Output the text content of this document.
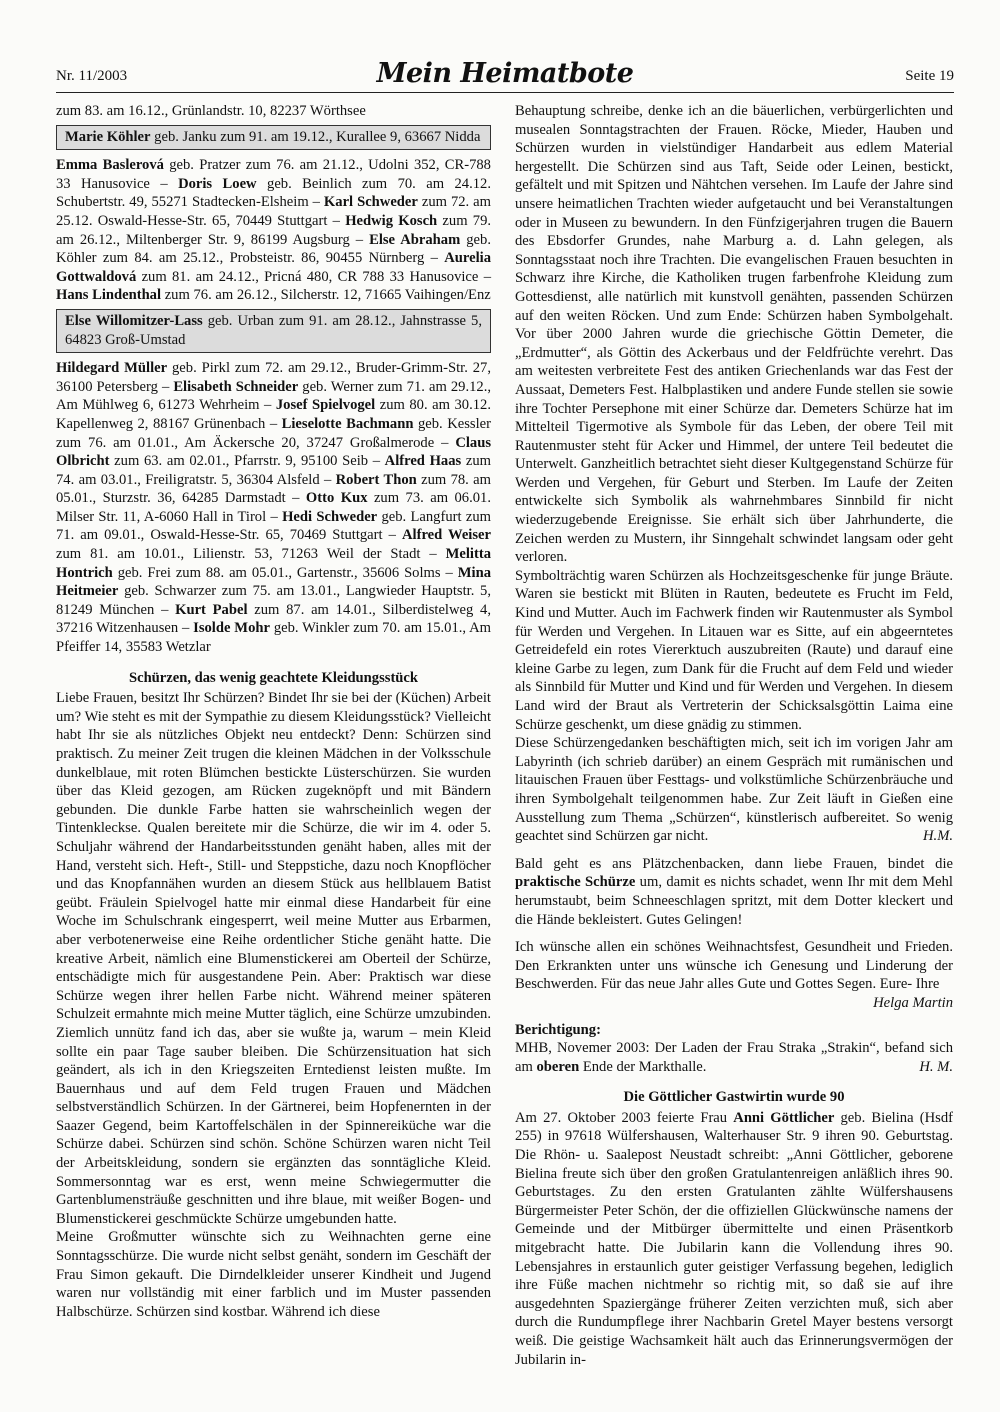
Nr. 11/2003	Mein Heimatbote	Seite 19

zum 83. am 16.12., Grünlandstr. 10, 82237 Wörthsee

Marie Köhler geb. Janku zum 91. am 19.12., Kurallee 9, 63667 Nidda

Emma Baslerová geb. Pratzer zum 76. am 21.12., Udolni 352, CR-788 33 Hanusovice – Doris Loew geb. Beinlich zum 70. am 24.12. Schubertstr. 49, 55271 Stadtecken-Elsheim – Karl Schweder zum 72. am 25.12. Oswald-Hesse-Str. 65, 70449 Stuttgart – Hedwig Kosch zum 79. am 26.12., Miltenberger Str. 9, 86199 Augsburg – Else Abraham geb. Köhler zum 84. am 25.12., Probsteistr. 86, 90455 Nürnberg – Aurelia Gottwaldová zum 81. am 24.12., Pricná 480, CR 788 33 Hanusovice – Hans Lindenthal zum 76. am 26.12., Silcherstr. 12, 71665 Vaihingen/Enz

Else Willomitzer-Lass geb. Urban zum 91. am 28.12., Jahnstrasse 5, 64823 Groß-Umstad

Hildegard Müller geb. Pirkl zum 72. am 29.12., Bruder-Grimm-Str. 27, 36100 Petersberg – Elisabeth Schneider geb. Werner zum 71. am 29.12., Am Mühlweg 6, 61273 Wehrheim – Josef Spielvogel zum 80. am 30.12. Kapellenweg 2, 88167 Grünenbach – Lieselotte Bachmann geb. Kessler zum 76. am 01.01., Am Äckersche 20, 37247 Großalmerode – Claus Olbricht zum 63. am 02.01., Pfarrstr. 9, 95100 Seib – Alfred Haas zum 74. am 03.01., Freiligratstr. 5, 36304 Alsfeld – Robert Thon zum 78. am 05.01., Sturzstr. 36, 64285 Darmstadt – Otto Kux zum 73. am 06.01. Milser Str. 11, A-6060 Hall in Tirol – Hedi Schweder geb. Langfurt zum 71. am 09.01., Oswald-Hesse-Str. 65, 70469 Stuttgart – Alfred Weiser zum 81. am 10.01., Lilienstr. 53, 71263 Weil der Stadt – Melitta Hontrich geb. Frei zum 88. am 05.01., Gartenstr., 35606 Solms – Mina Heitmeier geb. Schwarzer zum 75. am 13.01., Langwieder Hauptstr. 5, 81249 München – Kurt Pabel zum 87. am 14.01., Silberdistelweg 4, 37216 Witzenhausen – Isolde Mohr geb. Winkler zum 70. am 15.01., Am Pfeiffer 14, 35583 Wetzlar

Schürzen, das wenig geachtete Kleidungsstück

Liebe Frauen, besitzt Ihr Schürzen? Bindet Ihr sie bei der (Küchen) Arbeit um? Wie steht es mit der Sympathie zu diesem Kleidungsstück? Vielleicht habt Ihr sie als nützliches Objekt neu entdeckt? Denn: Schürzen sind praktisch. Zu meiner Zeit trugen die kleinen Mädchen in der Volksschule dunkelblaue, mit roten Blümchen bestickte Lüsterschürzen. Sie wurden über das Kleid gezogen, am Rücken zugeknöpft und mit Bändern gebunden. Die dunkle Farbe hatten sie wahrscheinlich wegen der Tintenkleckse. Qualen bereitete mir die Schürze, die wir im 4. oder 5. Schuljahr während der Handarbeitsstunden genäht haben, alles mit der Hand, versteht sich. Heft-, Still- und Steppstiche, dazu noch Knopflöcher und das Knopfannähen wurden an diesem Stück aus hellblauem Batist geübt. Fräulein Spielvogel hatte mir einmal diese Handarbeit für eine Woche im Schulschrank eingesperrt, weil meine Mutter aus Erbarmen, aber verbotenerweise eine Reihe ordentlicher Stiche genäht hatte. Die kreative Arbeit, nämlich eine Blumenstickerei am Oberteil der Schürze, entschädigte mich für ausgestandene Pein. Aber: Praktisch war diese Schürze wegen ihrer hellen Farbe nicht. Während meiner späteren Schulzeit ermahnte mich meine Mutter täglich, eine Schürze umzubinden. Ziemlich unnütz fand ich das, aber sie wußte ja, warum – mein Kleid sollte ein paar Tage sauber bleiben. Die Schürzensituation hat sich geändert, als ich in den Kriegszeiten Erntedienst leisten mußte. Im Bauernhaus und auf dem Feld trugen Frauen und Mädchen selbstverständlich Schürzen. In der Gärtnerei, beim Hopfenernten in der Saazer Gegend, beim Kartoffelschälen in der Spinnereiküche war die Schürze dabei. Schürzen sind schön. Schöne Schürzen waren nicht Teil der Arbeitskleidung, sondern sie ergänzten das sonntägliche Kleid. Sommersonntag war es erst, wenn meine Schwiegermutter die Gartenblumensträuße geschnitten und ihre blaue, mit weißer Bogen- und Blumenstickerei geschmückte Schürze umgebunden hatte.

Meine Großmutter wünschte sich zu Weihnachten gerne eine Sonntagsschürze. Die wurde nicht selbst genäht, sondern im Geschäft der Frau Simon gekauft. Die Dirndelkleider unserer Kindheit und Jugend waren nur vollständig mit einer farblich und im Muster passenden Halbschürze. Schürzen sind kostbar. Während ich diese

Behauptung schreibe, denke ich an die bäuerlichen, verbürgerlichten und musealen Sonntagstrachten der Frauen. Röcke, Mieder, Hauben und Schürzen wurden in vielstündiger Handarbeit aus edlem Material hergestellt. Die Schürzen sind aus Taft, Seide oder Leinen, bestickt, gefältelt und mit Spitzen und Nähtchen versehen. Im Laufe der Jahre sind unsere heimatlichen Trachten wieder aufgetaucht und bei Veranstaltungen oder in Museen zu bewundern. In den Fünfzigerjahren trugen die Bauern des Ebsdorfer Grundes, nahe Marburg a. d. Lahn gelegen, als Sonntagsstaat noch ihre Trachten. Die evangelischen Frauen besuchten in Schwarz ihre Kirche, die Katholiken trugen farbenfrohe Kleidung zum Gottesdienst, alle natürlich mit kunstvoll genähten, passenden Schürzen auf den weiten Röcken. Und zum Ende: Schürzen haben Symbolgehalt. Vor über 2000 Jahren wurde die griechische Göttin Demeter, die „Erdmutter“, als Göttin des Ackerbaus und der Feldfrüchte verehrt. Das am weitesten verbreitete Fest des antiken Griechenlands war das Fest der Aussaat, Demeters Fest. Halbplastiken und andere Funde stellen sie sowie ihre Tochter Persephone mit einer Schürze dar. Demeters Schürze hat im Mittelteil Tigermotive als Symbole für das Leben, der obere Teil mit Rautenmuster steht für Acker und Himmel, der untere Teil bedeutet die Unterwelt. Ganzheitlich betrachtet sieht dieser Kultgegenstand Schürze für Werden und Vergehen, für Geburt und Sterben. Im Laufe der Zeiten entwickelte sich Symbolik als wahrnehmbares Sinnbild fir nicht wiederzugebende Ereignisse. Sie erhält sich über Jahrhunderte, die Zeichen werden zu Mustern, ihr Sinngehalt schwindet langsam oder geht verloren.

Symbolträchtig waren Schürzen als Hochzeitsgeschenke für junge Bräute. Waren sie bestickt mit Blüten in Rauten, bedeutete es Frucht im Feld, Kind und Mutter. Auch im Fachwerk finden wir Rautenmuster als Symbol für Werden und Vergehen. In Litauen war es Sitte, auf ein abgeerntetes Getreidefeld ein rotes Viererktuch auszubreiten (Raute) und darauf eine kleine Garbe zu legen, zum Dank für die Frucht auf dem Feld und wieder als Sinnbild für Mutter und Kind und für Werden und Vergehen. In diesem Land wird der Braut als Vertreterin der Schicksalsgöttin Laima eine Schürze geschenkt, um diese gnädig zu stimmen.

Diese Schürzengedanken beschäftigten mich, seit ich im vorigen Jahr am Labyrinth (ich schrieb darüber) an einem Gespräch mit rumänischen und litauischen Frauen über Festtags- und volkstümliche Schürzenbräuche und ihren Symbolgehalt teilgenommen habe. Zur Zeit läuft in Gießen eine Ausstellung zum Thema „Schürzen“, künstlerisch aufbereitet. So wenig geachtet sind Schürzen gar nicht.	H.M.

Bald geht es ans Plätzchenbacken, dann liebe Frauen, bindet die praktische Schürze um, damit es nichts schadet, wenn Ihr mit dem Mehl herumstaubt, beim Schneeschlagen spritzt, mit dem Dotter kleckert und die Hände bekleistert. Gutes Gelingen!

Ich wünsche allen ein schönes Weihnachtsfest, Gesundheit und Frieden. Den Erkrankten unter uns wünsche ich Genesung und Linderung der Beschwerden. Für das neue Jahr alles Gute und Gottes Segen. Eure- Ihre
Helga Martin

Berichtigung:

MHB, Novemer 2003: Der Laden der Frau Straka „Strakin“, befand sich am oberen Ende der Markthalle.	H. M.

Die Göttlicher Gastwirtin wurde 90

Am 27. Oktober 2003 feierte Frau Anni Göttlicher geb. Bielina (Hsdf 255) in 97618 Wülfershausen, Walterhauser Str. 9 ihren 90. Geburtstag. Die Rhön- u. Saalepost Neustadt schreibt: „Anni Göttlicher, geborene Bielina freute sich über den großen Gratulantenreigen anläßlich ihres 90. Geburtstages. Zu den ersten Gratulanten zählte Wülfershausens Bürgermeister Peter Schön, der die offiziellen Glückwünsche namens der Gemeinde und der Mitbürger übermittelte und einen Präsentkorb mitgebracht hatte. Die Jubilarin kann die Vollendung ihres 90. Lebensjahres in erstaunlich guter geistiger Verfassung begehen, lediglich ihre Füße machen nichtmehr so richtig mit, so daß sie auf ihre ausgedehnten Spaziergänge früherer Zeiten verzichten muß, sich aber durch die Rundumpflege ihrer Nachbarin Gretel Mayer bestens versorgt weiß. Die geistige Wachsamkeit hält auch das Erinnerungsvermögen der Jubilarin in-
